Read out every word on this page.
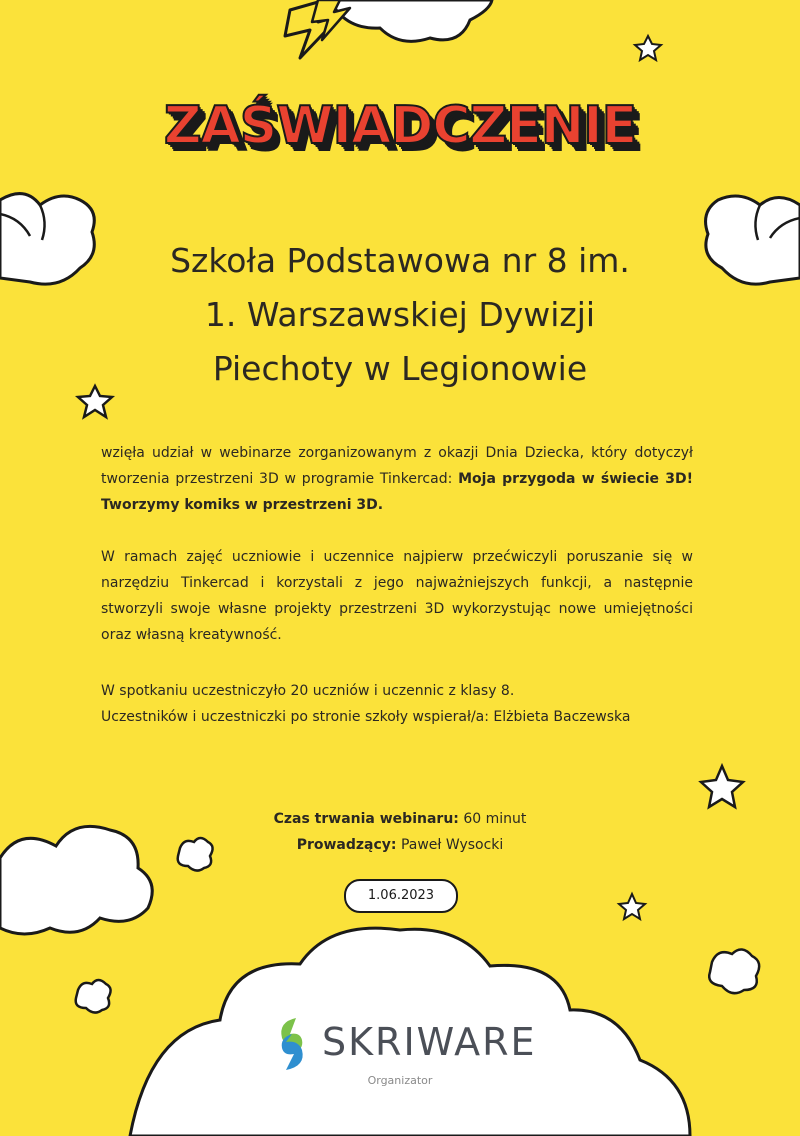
ZAŚWIADCZENIE
Szkoła Podstawowa nr 8 im.
1. Warszawskiej Dywizji
Piechoty w Legionowie

wzięła udział w webinarze zorganizowanym z okazji Dnia Dziecka, który dotyczył tworzenia przestrzeni 3D w programie Tinkercad: Moja przygoda w świecie 3D! Tworzymy komiks w przestrzeni 3D.

W ramach zajęć uczniowie i uczennice najpierw przećwiczyli poruszanie się w narzędziu Tinkercad i korzystali z jego najważniejszych funkcji, a następnie stworzyli swoje własne projekty przestrzeni 3D wykorzystując nowe umiejętności oraz własną kreatywność.

W spotkaniu uczestniczyło 20 uczniów i uczennic z klasy 8.
Uczestników i uczestniczki po stronie szkoły wspierał/a: Elżbieta Baczewska

Czas trwania webinaru: 60 minut
Prowadzący: Paweł Wysocki
1.06.2023
SKRIWARE
Organizator
